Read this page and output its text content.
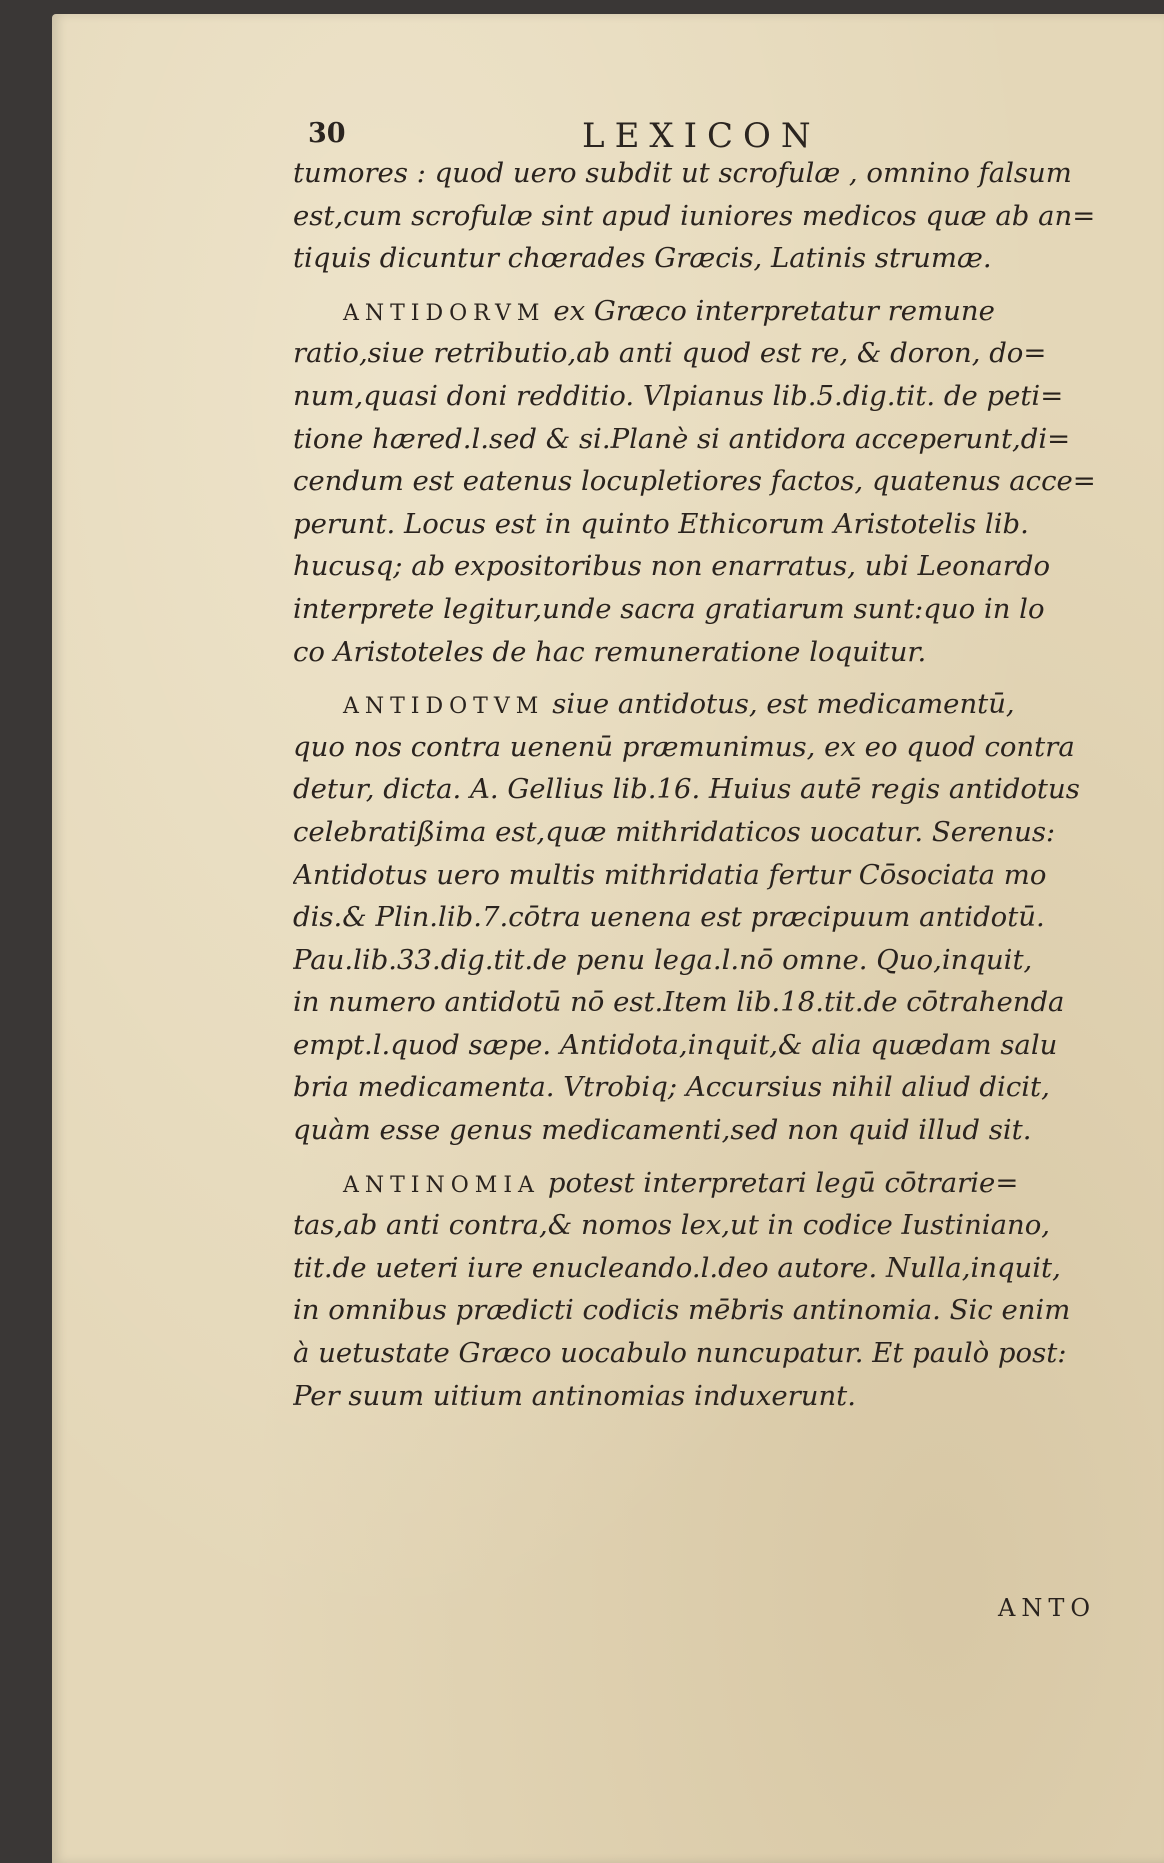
30	LEXICON
tumores : quod uero subdit ut scrofulæ , omnino falsum
est,cum scrofulæ sint apud iuniores medicos quæ ab an=
tiquis dicuntur chœrades Græcis, Latinis strumæ.
ANTIDORVM ex Græco interpretatur remune
ratio,siue retributio,ab anti quod est re, & doron, do=
num,quasi doni redditio. Vlpianus lib.5.dig.tit. de peti=
tione hæred.l.sed & si.Planè si antidora acceperunt,di=
cendum est eatenus locupletiores factos, quatenus acce=
perunt. Locus est in quinto Ethicorum Aristotelis lib.
hucusq; ab expositoribus non enarratus, ubi Leonardo
interprete legitur,unde sacra gratiarum sunt:quo in lo
co Aristoteles de hac remuneratione loquitur.
ANTIDOTVM siue antidotus, est medicamentū,
quo nos contra uenenū præmunimus, ex eo quod contra
detur, dicta. A. Gellius lib.16. Huius autē regis antidotus
celebratißima est,quæ mithridaticos uocatur. Serenus:
Antidotus uero multis mithridatia fertur Cōsociata mo
dis.& Plin.lib.7.cōtra uenena est præcipuum antidotū.
Pau.lib.33.dig.tit.de penu lega.l.nō omne. Quo,inquit,
in numero antidotū nō est.Item lib.18.tit.de cōtrahenda
empt.l.quod sæpe. Antidota,inquit,& alia quædam salu
bria medicamenta. Vtrobiq; Accursius nihil aliud dicit,
quàm esse genus medicamenti,sed non quid illud sit.
ANTINOMIA potest interpretari legū cōtrarie=
tas,ab anti contra,& nomos lex,ut in codice Iustiniano,
tit.de ueteri iure enucleando.l.deo autore. Nulla,inquit,
in omnibus prædicti codicis mēbris antinomia. Sic enim
à uetustate Græco uocabulo nuncupatur. Et paulò post:
Per suum uitium antinomias induxerunt.
ANTO
